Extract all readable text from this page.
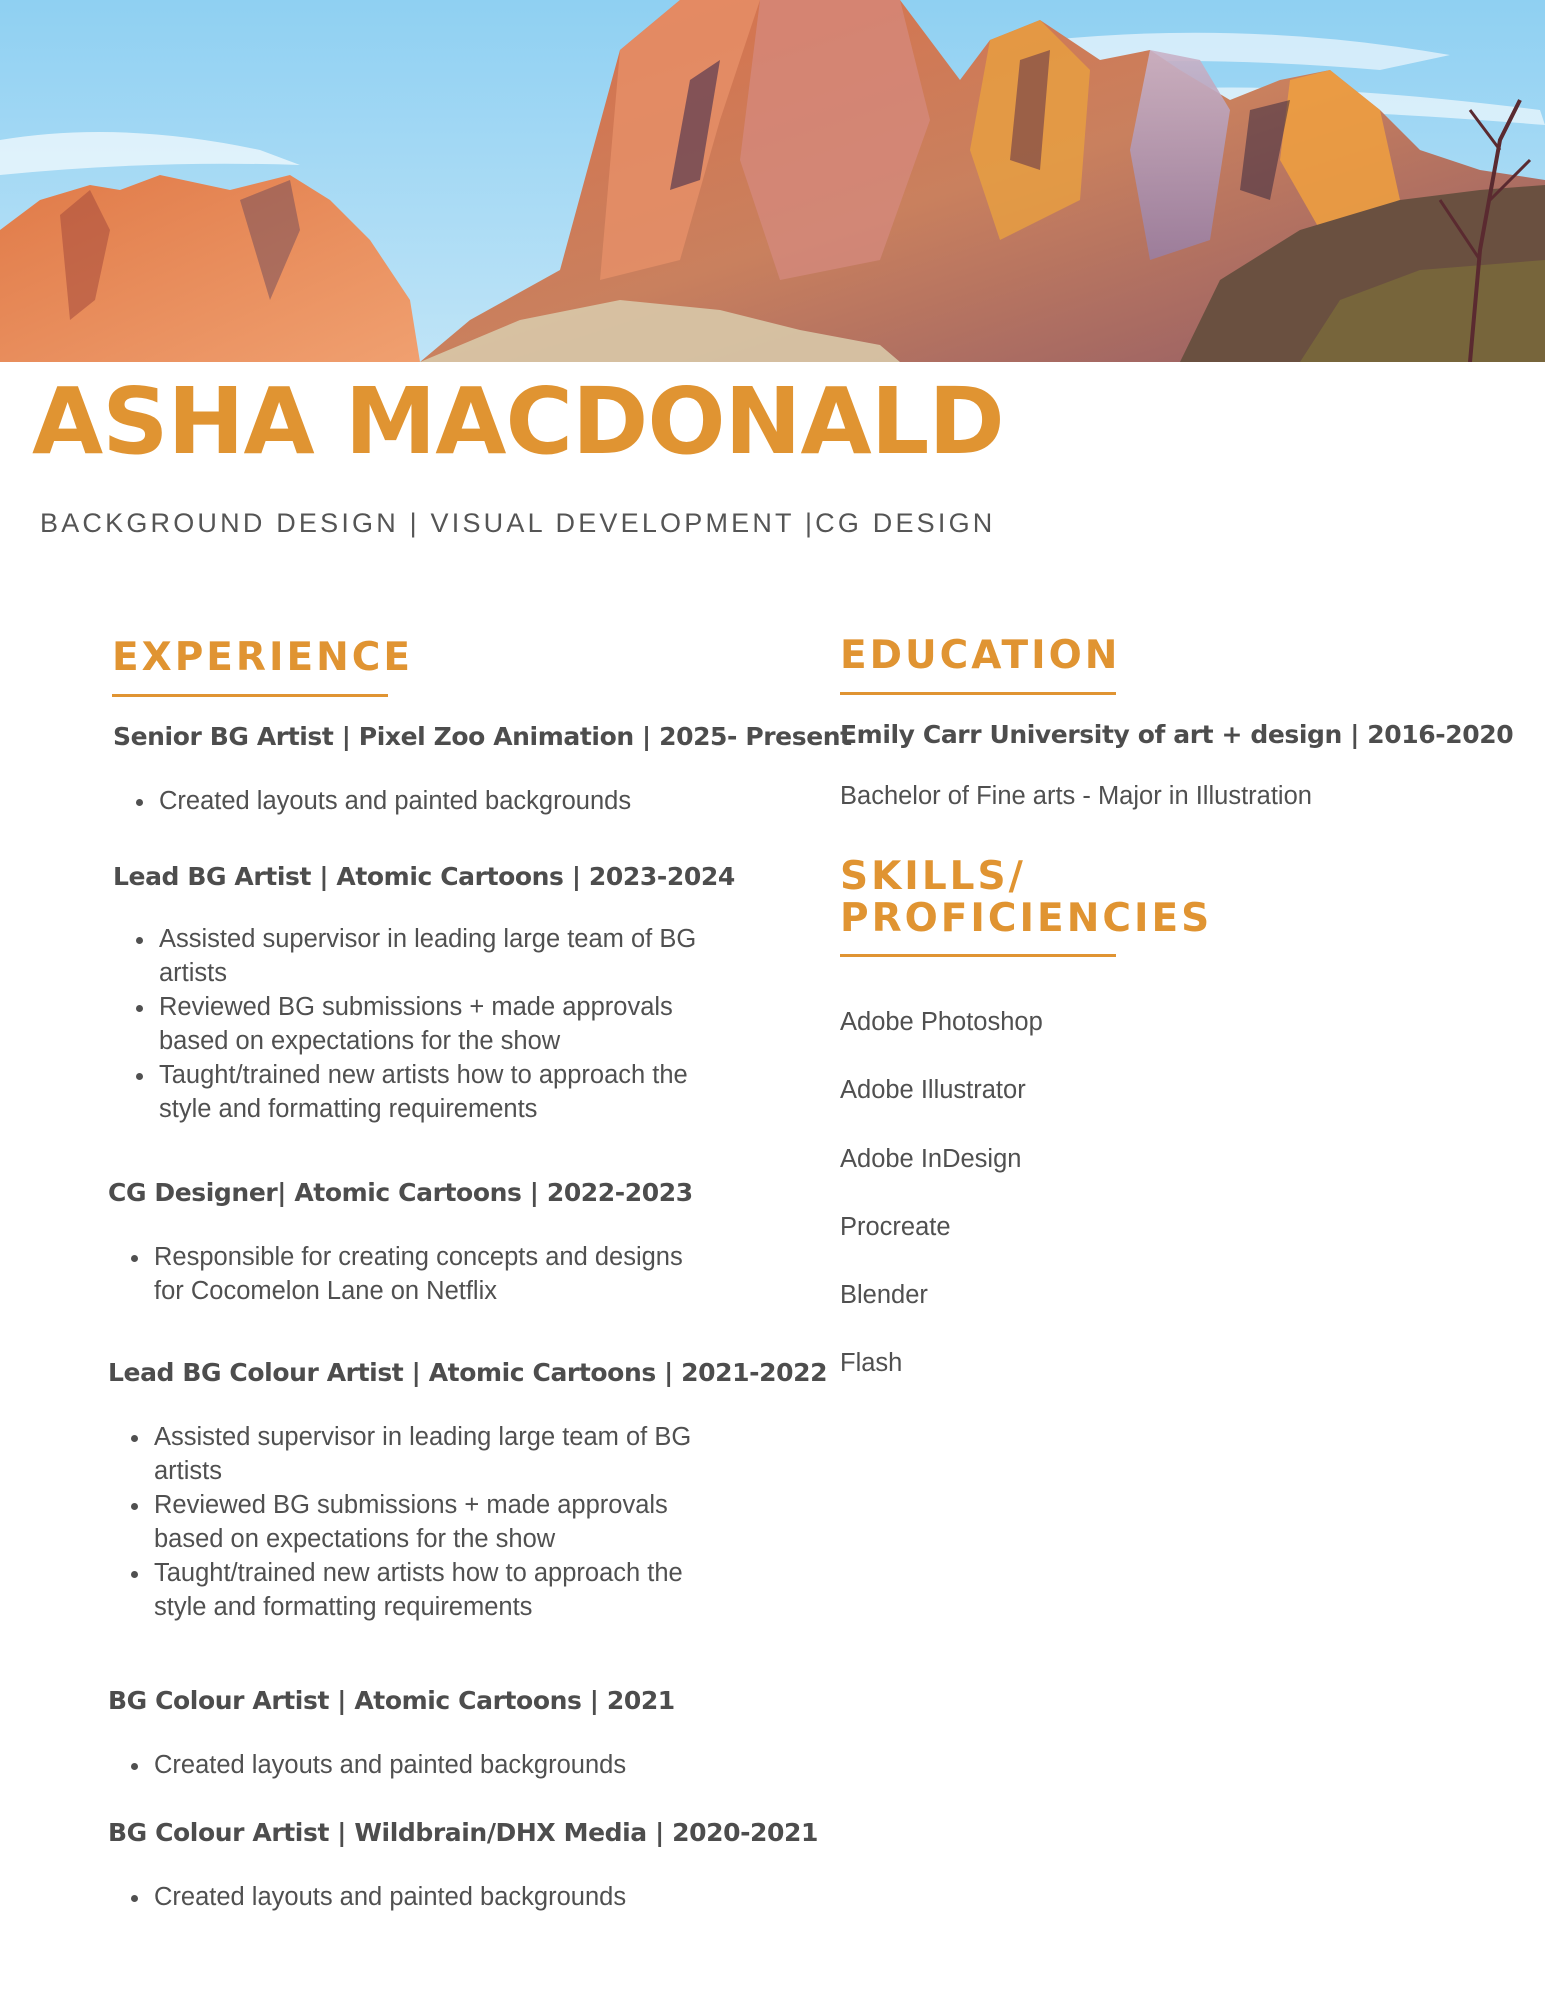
ASHA MACDONALD
BACKGROUND DESIGN | VISUAL DEVELOPMENT |CG DESIGN
EXPERIENCE
Senior BG Artist | Pixel Zoo Animation | 2025- Present
• Created layouts and painted backgrounds
Lead BG Artist | Atomic Cartoons | 2023-2024
• Assisted supervisor in leading large team of BG artists
• Reviewed BG submissions + made approvals based on expectations for the show
• Taught/trained new artists how to approach the style and formatting requirements
CG Designer| Atomic Cartoons | 2022-2023
• Responsible for creating concepts and designs for Cocomelon Lane on Netflix
Lead BG Colour Artist | Atomic Cartoons | 2021-2022
• Assisted supervisor in leading large team of BG artists
• Reviewed BG submissions + made approvals based on expectations for the show
• Taught/trained new artists how to approach the style and formatting requirements
BG Colour Artist | Atomic Cartoons | 2021
• Created layouts and painted backgrounds
BG Colour Artist | Wildbrain/DHX Media | 2020-2021
• Created layouts and painted backgrounds
EDUCATION
Emily Carr University of art + design | 2016-2020
Bachelor of Fine arts - Major in Illustration
SKILLS/
PROFICIENCIES
Adobe Photoshop
Adobe Illustrator
Adobe InDesign
Procreate
Blender
Flash
